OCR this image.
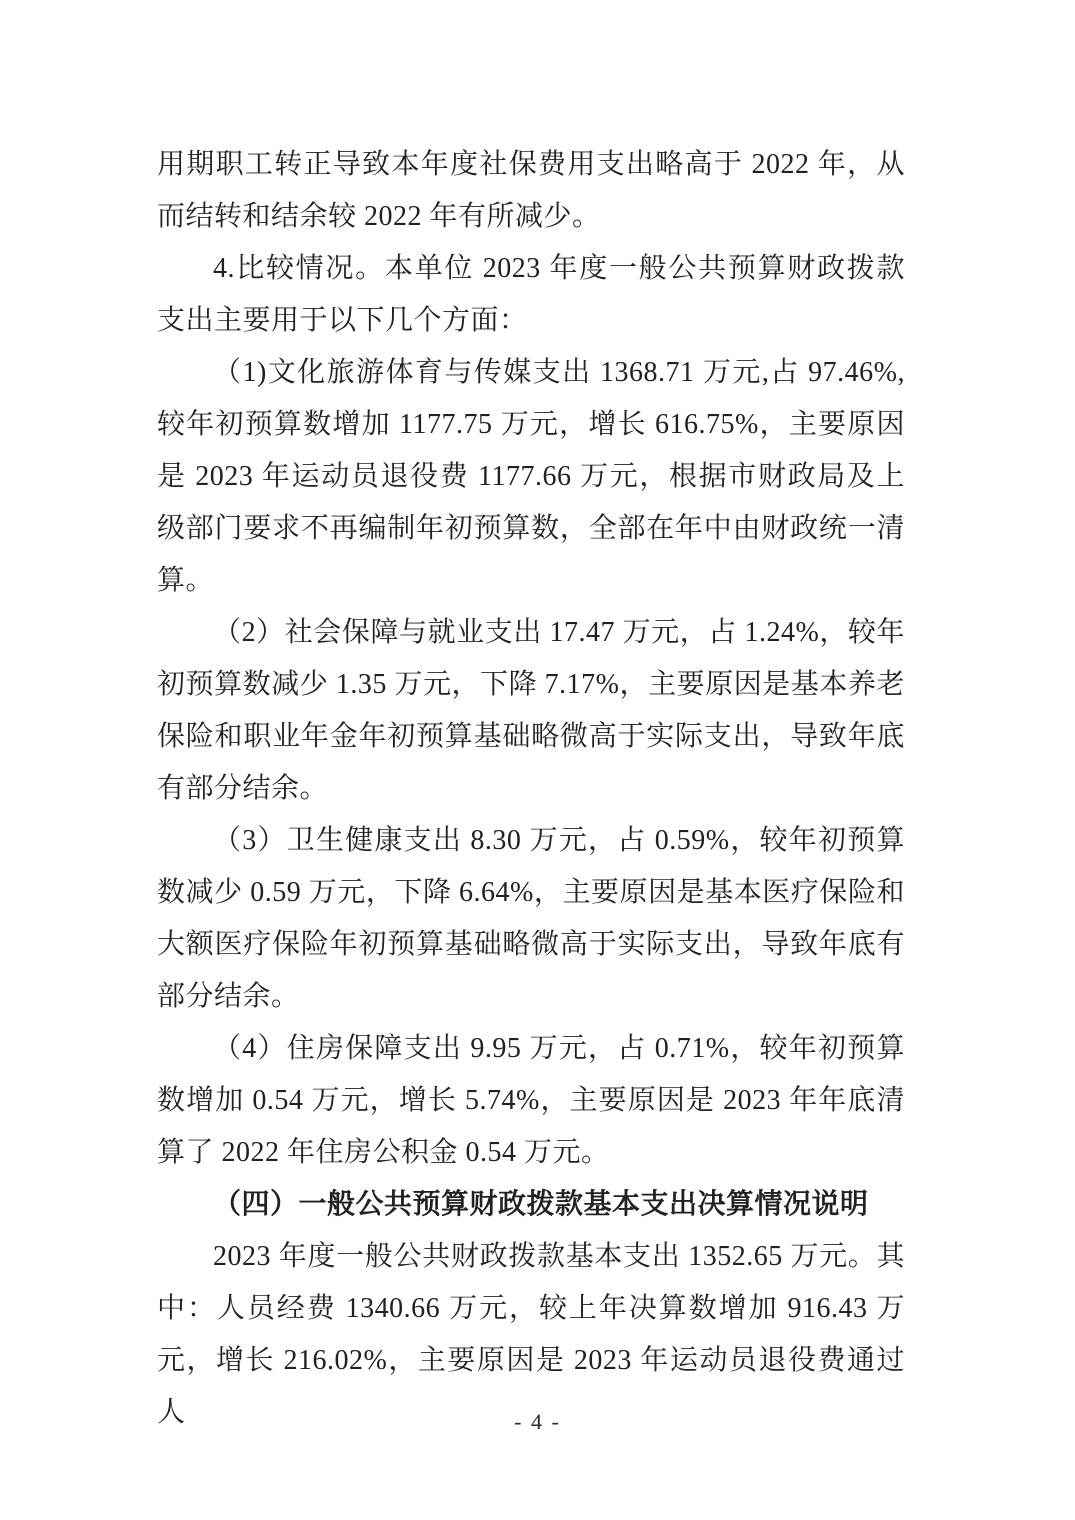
用期职工转正导致本年度社保费用支出略高于 2022 年，从而结转和结余较 2022 年有所减少。

4.比较情况。本单位 2023 年度一般公共预算财政拨款支出主要用于以下几个方面：

（1)文化旅游体育与传媒支出 1368.71 万元,占 97.46%,较年初预算数增加 1177.75 万元，增长 616.75%，主要原因是 2023 年运动员退役费 1177.66 万元，根据市财政局及上级部门要求不再编制年初预算数，全部在年中由财政统一清算。

（2）社会保障与就业支出 17.47 万元，占 1.24%，较年初预算数减少 1.35 万元，下降 7.17%，主要原因是基本养老保险和职业年金年初预算基础略微高于实际支出，导致年底有部分结余。

（3）卫生健康支出 8.30 万元，占 0.59%，较年初预算数减少 0.59 万元，下降 6.64%，主要原因是基本医疗保险和大额医疗保险年初预算基础略微高于实际支出，导致年底有部分结余。

（4）住房保障支出 9.95 万元，占 0.71%，较年初预算数增加 0.54 万元，增长 5.74%，主要原因是 2023 年年底清算了 2022 年住房公积金 0.54 万元。

（四）一般公共预算财政拨款基本支出决算情况说明

2023 年度一般公共财政拨款基本支出 1352.65 万元。其中：人员经费 1340.66 万元，较上年决算数增加 916.43 万元，增长 216.02%，主要原因是 2023 年运动员退役费通过人	- 4 -
